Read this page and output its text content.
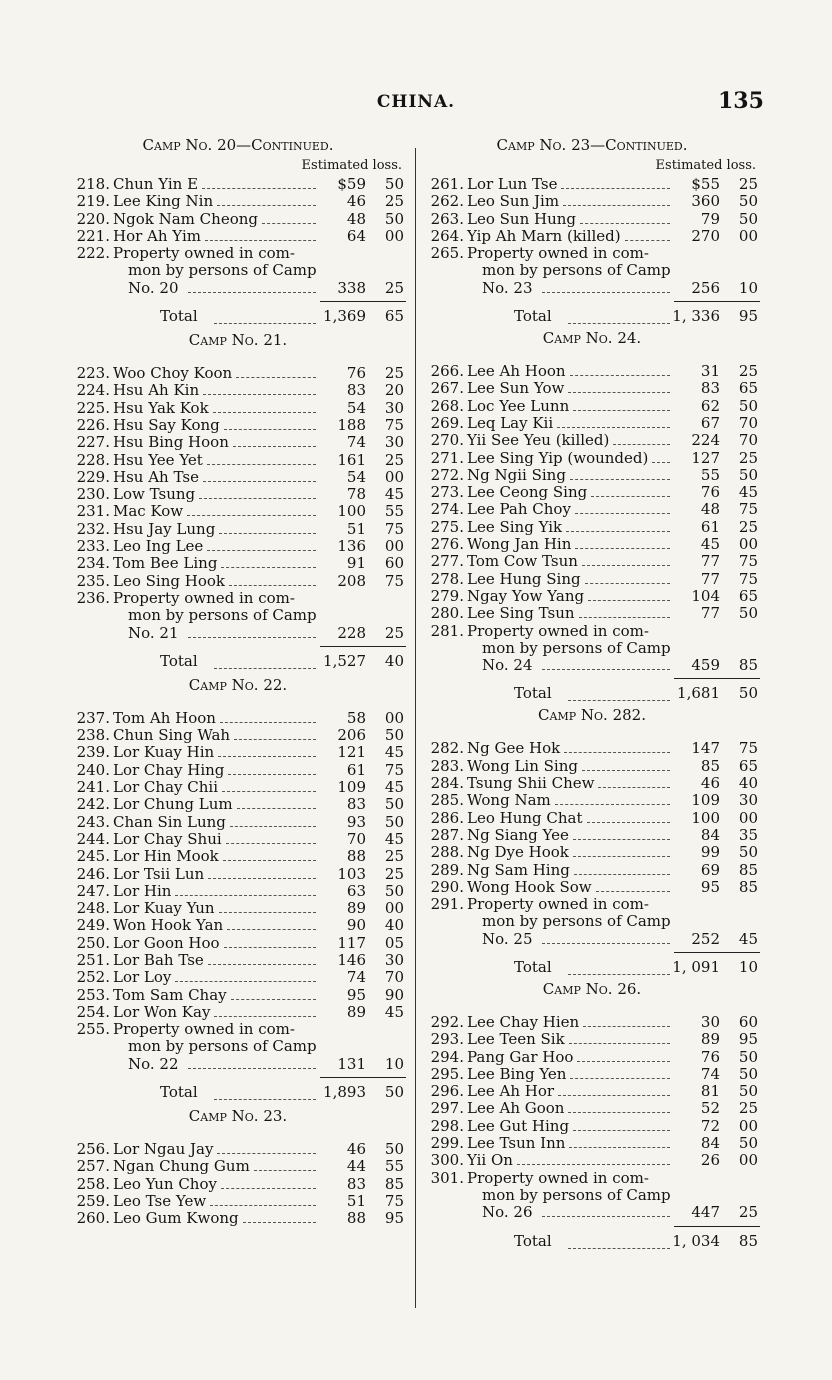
CHINA.	135
Camp No. 20—Continued.
Estimated loss.
218. Chun Yin E	$59	50
219. Lee King Nin	46	25
220. Ngok Nam Cheong	48	50
221. Hor Ah Yim	64	00
222. Property owned in com-
mon by persons of Camp
No. 20	338	25
Total	1,369	65
Camp No. 21.
223. Woo Choy Koon	76	25
224. Hsu Ah Kin	83	20
225. Hsu Yak Kok	54	30
226. Hsu Say Kong	188	75
227. Hsu Bing Hoon	74	30
228. Hsu Yee Yet	161	25
229. Hsu Ah Tse	54	00
230. Low Tsung	78	45
231. Mac Kow	100	55
232. Hsu Jay Lung	51	75
233. Leo Ing Lee	136	00
234. Tom Bee Ling	91	60
235. Leo Sing Hook	208	75
236. Property owned in com-
mon by persons of Camp
No. 21	228	25
Total	1,527	40
Camp No. 22.
237. Tom Ah Hoon	58	00
238. Chun Sing Wah	206	50
239. Lor Kuay Hin	121	45
240. Lor Chay Hing	61	75
241. Lor Chay Chii	109	45
242. Lor Chung Lum	83	50
243. Chan Sin Lung	93	50
244. Lor Chay Shui	70	45
245. Lor Hin Mook	88	25
246. Lor Tsii Lun	103	25
247. Lor Hin	63	50
248. Lor Kuay Yun	89	00
249. Won Hook Yan	90	40
250. Lor Goon Hoo	117	05
251. Lor Bah Tse	146	30
252. Lor Loy	74	70
253. Tom Sam Chay	95	90
254. Lor Won Kay	89	45
255. Property owned in com-
mon by persons of Camp
No. 22	131	10
Total	1,893	50
Camp No. 23.
256. Lor Ngau Jay	46	50
257. Ngan Chung Gum	44	55
258. Leo Yun Choy	83	85
259. Leo Tse Yew	51	75
260. Leo Gum Kwong	88	95
Camp No. 23—Continued.
Estimated loss.
261. Lor Lun Tse	$55	25
262. Leo Sun Jim	360	50
263. Leo Sun Hung	79	50
264. Yip Ah Marn (killed)	270	00
265. Property owned in com-
mon by persons of Camp
No. 23	256	10
Total	1, 336	95
Camp No. 24.
266. Lee Ah Hoon	31	25
267. Lee Sun Yow	83	65
268. Loc Yee Lunn	62	50
269. Leq Lay Kii	67	70
270. Yii See Yeu (killed)	224	70
271. Lee Sing Yip (wounded)	127	25
272. Ng Ngii Sing	55	50
273. Lee Ceong Sing	76	45
274. Lee Pah Choy	48	75
275. Lee Sing Yik	61	25
276. Wong Jan Hin	45	00
277. Tom Cow Tsun	77	75
278. Lee Hung Sing	77	75
279. Ngay Yow Yang	104	65
280. Lee Sing Tsun	77	50
281. Property owned in com-
mon by persons of Camp
No. 24	459	85
Total	1,681	50
Camp No. 282.
282. Ng Gee Hok	147	75
283. Wong Lin Sing	85	65
284. Tsung Shii Chew	46	40
285. Wong Nam	109	30
286. Leo Hung Chat	100	00
287. Ng Siang Yee	84	35
288. Ng Dye Hook	99	50
289. Ng Sam Hing	69	85
290. Wong Hook Sow	95	85
291. Property owned in com-
mon by persons of Camp
No. 25	252	45
Total	1, 091	10
Camp No. 26.
292. Lee Chay Hien	30	60
293. Lee Teen Sik	89	95
294. Pang Gar Hoo	76	50
295. Lee Bing Yen	74	50
296. Lee Ah Hor	81	50
297. Lee Ah Goon	52	25
298. Lee Gut Hing	72	00
299. Lee Tsun Inn	84	50
300. Yii On	26	00
301. Property owned in com-
mon by persons of Camp
No. 26	447	25
Total	1, 034	85
